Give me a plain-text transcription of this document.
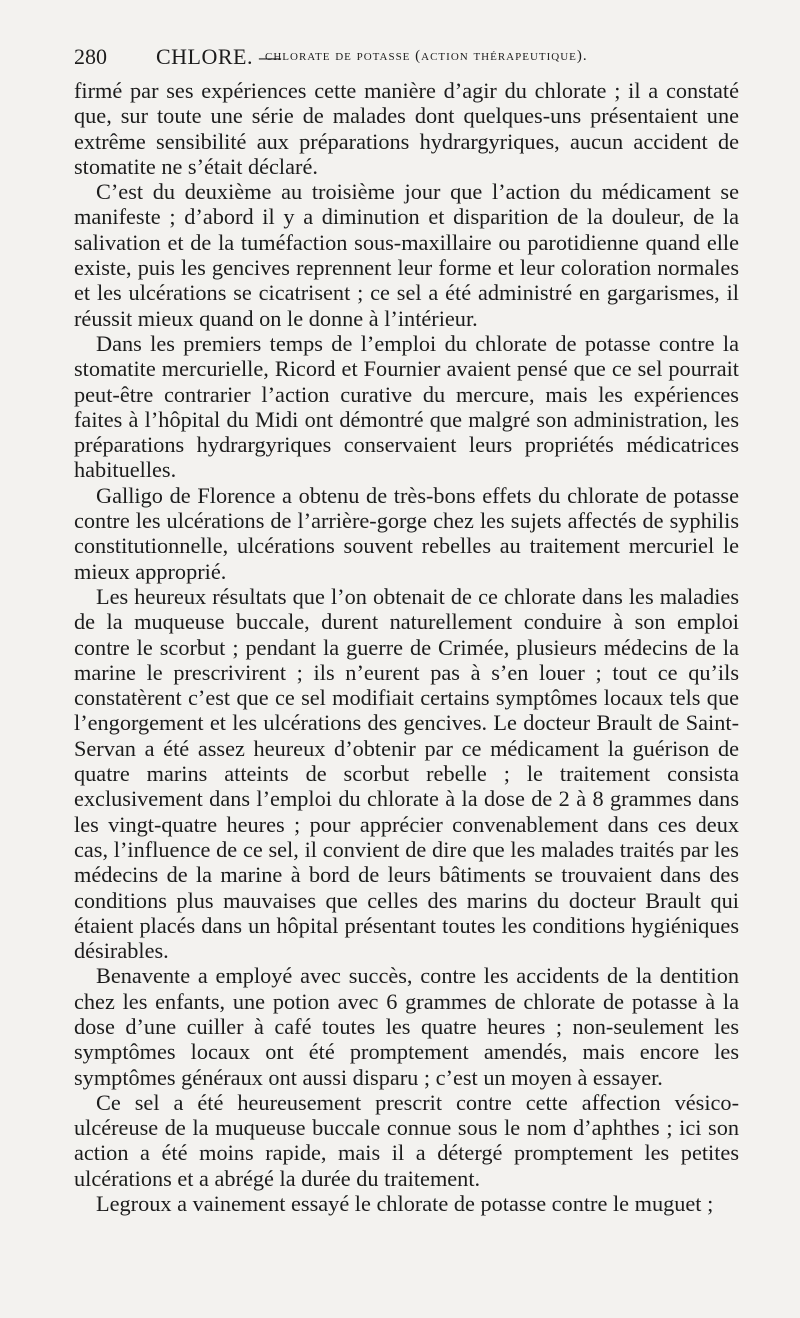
280 CHLORE. —
chlorate de potasse (action thérapeutique).

firmé par ses expériences cette manière d’agir du chlorate ; il a constaté que, sur toute une série de malades dont quelques-uns présentaient une extrême sensibilité aux préparations hydrargyriques, aucun accident de stomatite ne s’était déclaré.

C’est du deuxième au troisième jour que l’action du médicament se manifeste ; d’abord il y a diminution et disparition de la douleur, de la salivation et de la tuméfaction sous-maxillaire ou parotidienne quand elle existe, puis les gencives reprennent leur forme et leur coloration normales et les ulcérations se cicatrisent ; ce sel a été administré en gargarismes, il réussit mieux quand on le donne à l’intérieur.

Dans les premiers temps de l’emploi du chlorate de potasse contre la stomatite mercurielle, Ricord et Fournier avaient pensé que ce sel pourrait peut-être contrarier l’action curative du mercure, mais les expériences faites à l’hôpital du Midi ont démontré que malgré son administration, les préparations hydrargyriques conservaient leurs propriétés médicatrices habituelles.

Galligo de Florence a obtenu de très-bons effets du chlorate de potasse contre les ulcérations de l’arrière-gorge chez les sujets affectés de syphilis constitutionnelle, ulcérations souvent rebelles au traitement mercuriel le mieux approprié.

Les heureux résultats que l’on obtenait de ce chlorate dans les maladies de la muqueuse buccale, durent naturellement conduire à son emploi contre le scorbut ; pendant la guerre de Crimée, plusieurs médecins de la marine le prescrivirent ; ils n’eurent pas à s’en louer ; tout ce qu’ils constatèrent c’est que ce sel modifiait certains symptômes locaux tels que l’engorgement et les ulcérations des gencives. Le docteur Brault de Saint-Servan a été assez heureux d’obtenir par ce médicament la guérison de quatre marins atteints de scorbut rebelle ; le traitement consista exclusivement dans l’emploi du chlorate à la dose de 2 à 8 grammes dans les vingt-quatre heures ; pour apprécier convenablement dans ces deux cas, l’influence de ce sel, il convient de dire que les malades traités par les médecins de la marine à bord de leurs bâtiments se trouvaient dans des conditions plus mauvaises que celles des marins du docteur Brault qui étaient placés dans un hôpital présentant toutes les conditions hygiéniques désirables.

Benavente a employé avec succès, contre les accidents de la dentition chez les enfants, une potion avec 6 grammes de chlorate de potasse à la dose d’une cuiller à café toutes les quatre heures ; non-seulement les symptômes locaux ont été promptement amendés, mais encore les symptômes généraux ont aussi disparu ; c’est un moyen à essayer.

Ce sel a été heureusement prescrit contre cette affection vésico-ulcéreuse de la muqueuse buccale connue sous le nom d’aphthes ; ici son action a été moins rapide, mais il a détergé promptement les petites ulcérations et a abrégé la durée du traitement.

Legroux a vainement essayé le chlorate de potasse contre le muguet ;
